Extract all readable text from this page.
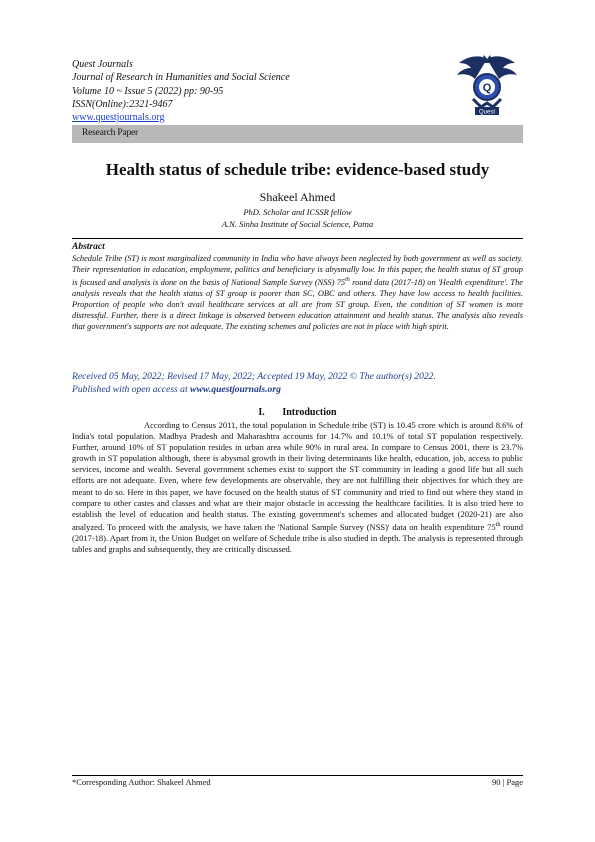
Quest Journals
Journal of Research in Humanities and Social Science
Volume 10 ~ Issue 5 (2022) pp: 90-95
ISSN(Online):2321-9467
www.questjournals.org
Q
Quest
Research Paper
Health status of schedule tribe: evidence-based study
Shakeel Ahmed
PhD. Scholar and ICSSR fellow
A.N. Sinha Institute of Social Science, Patna
Abstract
Schedule Tribe (ST) is most marginalized community in India who have always been neglected by both government as well as society. Their representation in education, employment, politics and beneficiary is abysmally low. In this paper, the health status of ST group is focused and analysis is done on the basis of National Sample Survey (NSS) 75th round data (2017-18) on 'Health expenditure'. The analysis reveals that the health status of ST group is poorer than SC, OBC and others. They have low access to health facilities. Proportion of people who don't avail healthcare services at all are from ST group. Even, the condition of ST women is more distressful. Further, there is a direct linkage is observed between education attainment and health status. The analysis also reveals that government's supports are not adequate. The existing schemes and policies are not in place with high spirit.
Received 05 May, 2022; Revised 17 May, 2022; Accepted 19 May, 2022 © The author(s) 2022.
Published with open access at www.questjournals.org
I. Introduction
According to Census 2011, the total population in Schedule tribe (ST) is 10.45 crore which is around 8.6% of India's total population. Madhya Pradesh and Maharashtra accounts for 14.7% and 10.1% of total ST population respectively. Further, around 10% of ST population resides in urban area while 90% in rural area. In compare to Census 2001, there is 23.7% growth in ST population although, there is abysmal growth in their living determinants like health, education, job, access to public services, income and wealth. Several government schemes exist to support the ST community in leading a good life but all such efforts are not adequate. Even, where few developments are observable, they are not fulfilling their objectives for which they are meant to do so. Here in this paper, we have focused on the health status of ST community and tried to find out where they stand in compare to other castes and classes and what are their major obstacle in accessing the healthcare facilities. It is also tried here to establish the level of education and health status. The existing government's schemes and allocated budget (2020-21) are also analyzed. To proceed with the analysis, we have taken the 'National Sample Survey (NSS)' data on health expenditure 75th round (2017-18). Apart from it, the Union Budget on welfare of Schedule tribe is also studied in depth. The analysis is represented through tables and graphs and subsequently, they are critically discussed.
*Corresponding Author: Shakeel Ahmed	90 | Page
